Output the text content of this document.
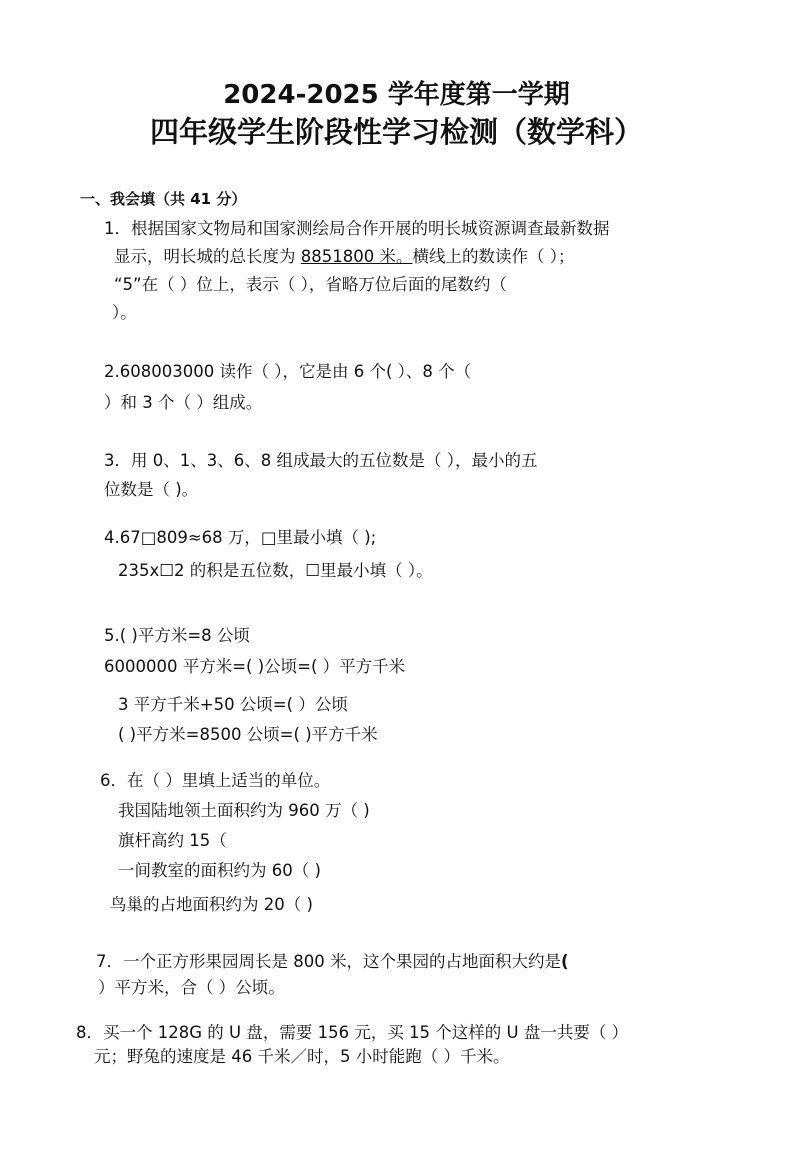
2024-2025 学年度第一学期
四年级学生阶段性学习检测（数学科）
一、我会填（共 41 分）
1．根据国家文物局和国家测绘局合作开展的明长城资源调查最新数据
显示，明长城的总长度为 8851800 米。横线上的数读作（ ）；
“5”在（ ）位上，表示（ ），省略万位后面的尾数约（
）。
2.608003000 读作（ ），它是由 6 个( ）、8 个（
）和 3 个（ ）组成。
3．用 0、1、3、6、8 组成最大的五位数是（ ），最小的五
位数是（ )。
4.67□809≈68 万，□里最小填（ );
235x☐2 的积是五位数，☐里最小填（ ）。
5.( )平方米=8 公顷
6000000 平方米=( )公顷=( ）平方千米
3 平方千米+50 公顷=( ）公顷
( )平方米=8500 公顷=( )平方千米
6．在（ ）里填上适当的单位。
我国陆地领土面积约为 960 万（ )
旗杆高约 15（
一间教室的面积约为 60（ )
鸟巢的占地面积约为 20（ )
7．一个正方形果园周长是 800 米，这个果园的占地面积大约是(
）平方米，合（ ）公顷。
8．买一个 128G 的 U 盘，需要 156 元，买 15 个这样的 U 盘一共要（ ）
元；野兔的速度是 46 千米／时，5 小时能跑（ ）千米。
